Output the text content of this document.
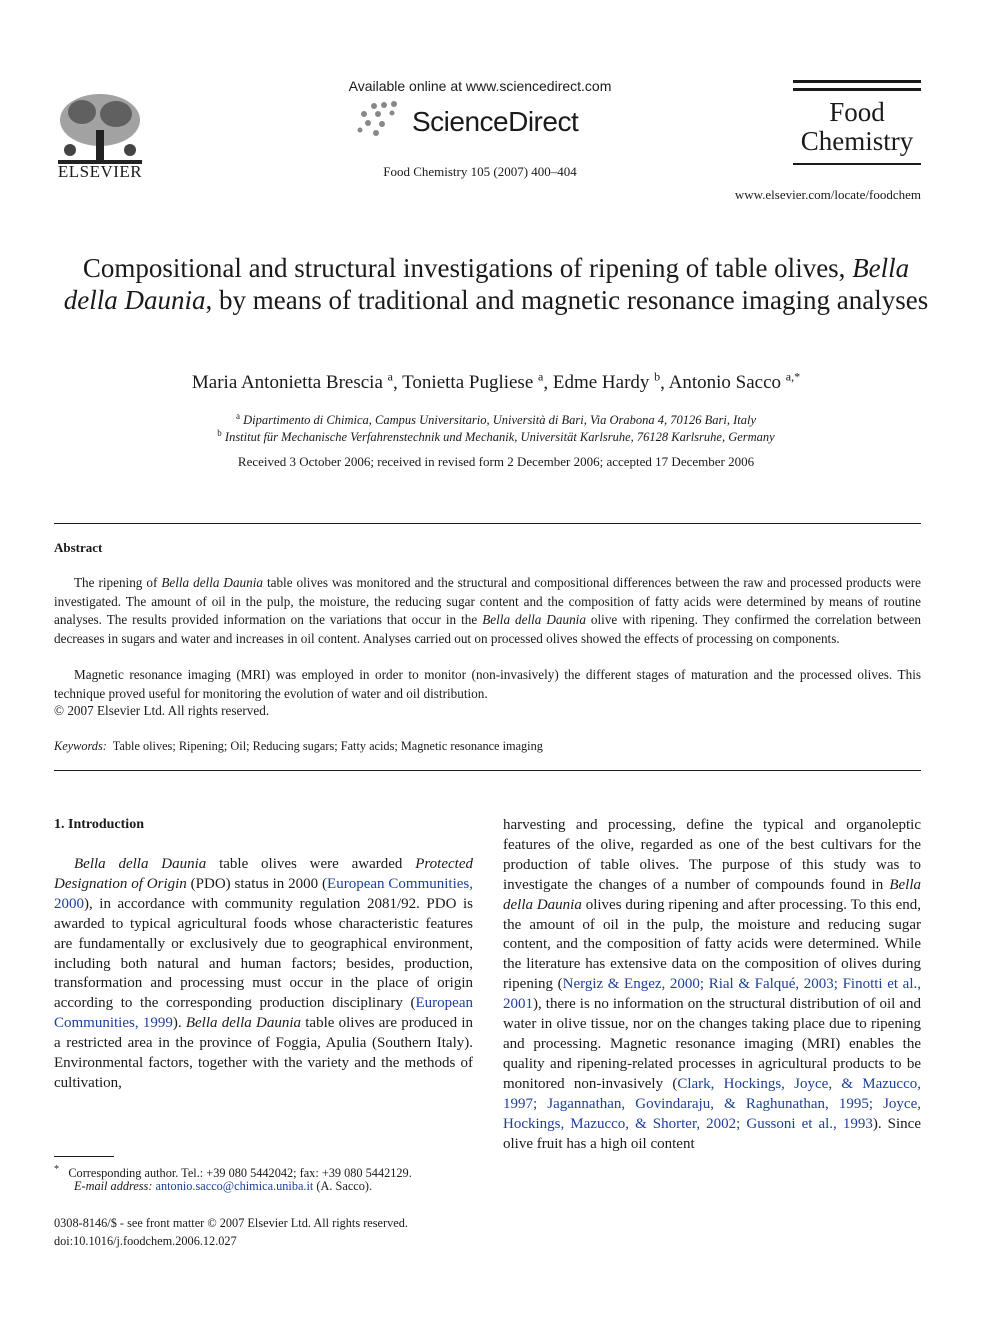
ELSEVIER
Available online at www.sciencedirect.com
ScienceDirect
Food Chemistry 105 (2007) 400–404
Food
Chemistry
www.elsevier.com/locate/foodchem
Compositional and structural investigations of ripening of table olives, Bella della Daunia, by means of traditional and magnetic resonance imaging analyses
Maria Antonietta Brescia $^a$, Tonietta Pugliese $^a$, Edme Hardy $^b$, Antonio Sacco $^{a,*}$
$^a$ Dipartimento di Chimica, Campus Universitario, Università di Bari, Via Orabona 4, 70126 Bari, Italy
$^b$ Institut für Mechanische Verfahrenstechnik und Mechanik, Universität Karlsruhe, 76128 Karlsruhe, Germany
Received 3 October 2006; received in revised form 2 December 2006; accepted 17 December 2006
Abstract

The ripening of Bella della Daunia table olives was monitored and the structural and compositional differences between the raw and processed products were investigated. The amount of oil in the pulp, the moisture, the reducing sugar content and the composition of fatty acids were determined by means of routine analyses. The results provided information on the variations that occur in the Bella della Daunia olive with ripening. They confirmed the correlation between decreases in sugars and water and increases in oil content. Analyses carried out on processed olives showed the effects of processing on components.

Magnetic resonance imaging (MRI) was employed in order to monitor (non-invasively) the different stages of maturation and the processed olives. This technique proved useful for monitoring the evolution of water and oil distribution.

© 2007 Elsevier Ltd. All rights reserved.
Keywords: Table olives; Ripening; Oil; Reducing sugars; Fatty acids; Magnetic resonance imaging
1. Introduction

Bella della Daunia table olives were awarded Protected Designation of Origin (PDO) status in 2000 (European Communities, 2000), in accordance with community regulation 2081/92. PDO is awarded to typical agricultural foods whose characteristic features are fundamentally or exclusively due to geographical environment, including both natural and human factors; besides, production, transformation and processing must occur in the place of origin according to the corresponding production disciplinary (European Communities, 1999). Bella della Daunia table olives are produced in a restricted area in the province of Foggia, Apulia (Southern Italy). Environmental factors, together with the variety and the methods of cultivation,

harvesting and processing, define the typical and organoleptic features of the olive, regarded as one of the best cultivars for the production of table olives. The purpose of this study was to investigate the changes of a number of compounds found in Bella della Daunia olives during ripening and after processing. To this end, the amount of oil in the pulp, the moisture and reducing sugar content, and the composition of fatty acids were determined. While the literature has extensive data on the composition of olives during ripening (Nergiz & Engez, 2000; Rial & Falqué, 2003; Finotti et al., 2001), there is no information on the structural distribution of oil and water in olive tissue, nor on the changes taking place due to ripening and processing. Magnetic resonance imaging (MRI) enables the quality and ripening-related processes in agricultural products to be monitored non-invasively (Clark, Hockings, Joyce, & Mazucco, 1997; Jagannathan, Govindaraju, & Raghunathan, 1995; Joyce, Hockings, Mazucco, & Shorter, 2002; Gussoni et al., 1993). Since olive fruit has a high oil content

* Corresponding author. Tel.: +39 080 5442042; fax: +39 080 5442129.
E-mail address: antonio.sacco@chimica.uniba.it (A. Sacco).
0308-8146/$ - see front matter © 2007 Elsevier Ltd. All rights reserved.
doi:10.1016/j.foodchem.2006.12.027
